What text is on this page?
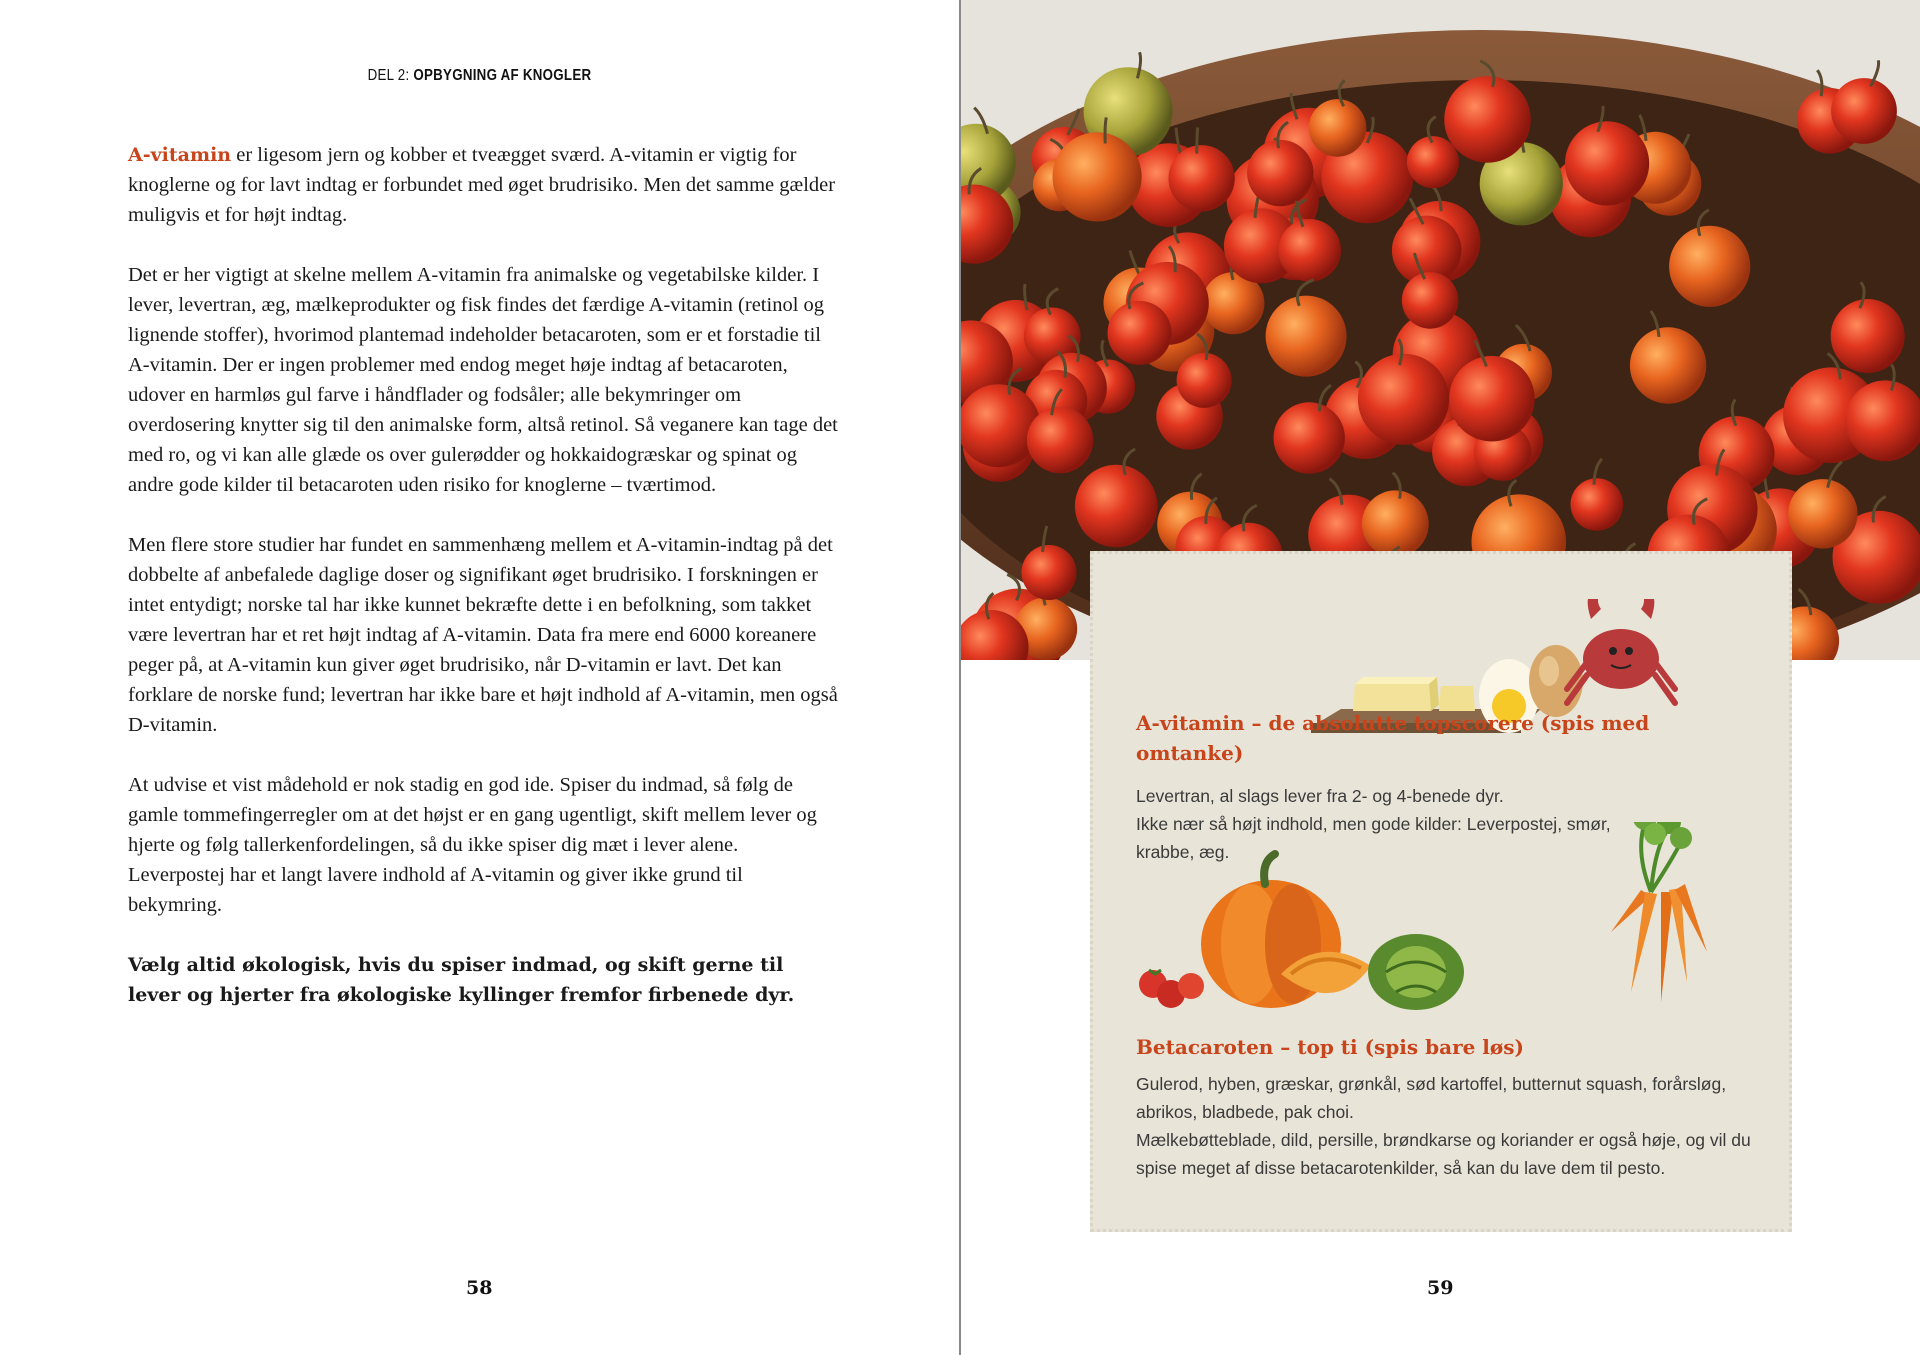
DEL 2: OPBYGNING AF KNOGLER

A-vitamin er ligesom jern og kobber et tveægget sværd. A-vitamin er vigtig for knoglerne og for lavt indtag er forbundet med øget brudrisiko. Men det samme gælder muligvis et for højt indtag.

Det er her vigtigt at skelne mellem A-vitamin fra animalske og vegetabilske kilder. I lever, levertran, æg, mælkeprodukter og fisk findes det færdige A-vitamin (retinol og lignende stoffer), hvorimod plantemad indeholder betacaroten, som er et forstadie til A-vitamin. Der er ingen problemer med endog meget høje indtag af betacaroten, udover en harmløs gul farve i håndflader og fodsåler; alle bekymringer om overdosering knytter sig til den animalske form, altså retinol. Så veganere kan tage det med ro, og vi kan alle glæde os over gulerødder og hokkaidogræskar og spinat og andre gode kilder til betacaroten uden risiko for knoglerne – tværtimod.

Men flere store studier har fundet en sammenhæng mellem et A-vitamin-indtag på det dobbelte af anbefalede daglige doser og signifikant øget brudrisiko. I forskningen er intet entydigt; norske tal har ikke kunnet bekræfte dette i en befolkning, som takket være levertran har et ret højt indtag af A-vitamin. Data fra mere end 6000 koreanere peger på, at A-vitamin kun giver øget brudrisiko, når D-vitamin er lavt. Det kan forklare de norske fund; levertran har ikke bare et højt indhold af A-vitamin, men også D-vitamin.

At udvise et vist mådehold er nok stadig en god ide. Spiser du indmad, så følg de gamle tommefingerregler om at det højst er en gang ugentligt, skift mellem lever og hjerte og følg tallerkenfordelingen, så du ikke spiser dig mæt i lever alene. Leverpostej har et langt lavere indhold af A-vitamin og giver ikke grund til bekymring.

Vælg altid økologisk, hvis du spiser indmad, og skift gerne til lever og hjerter fra økologiske kyllinger fremfor firbenede dyr.

58

A-vitamin – de absolutte topscorere (spis med omtanke)

Levertran, al slags lever fra 2- og 4-benede dyr.

Ikke nær så højt indhold, men gode kilder: Leverpostej, smør, krabbe, æg.

Betacaroten – top ti (spis bare løs)

Gulerod, hyben, græskar, grønkål, sød kartoffel, butternut squash, forårsløg, abrikos, bladbede, pak choi.

Mælkebøtteblade, dild, persille, brøndkarse og koriander er også høje, og vil du spise meget af disse betacarotenkilder, så kan du lave dem til pesto.

59
